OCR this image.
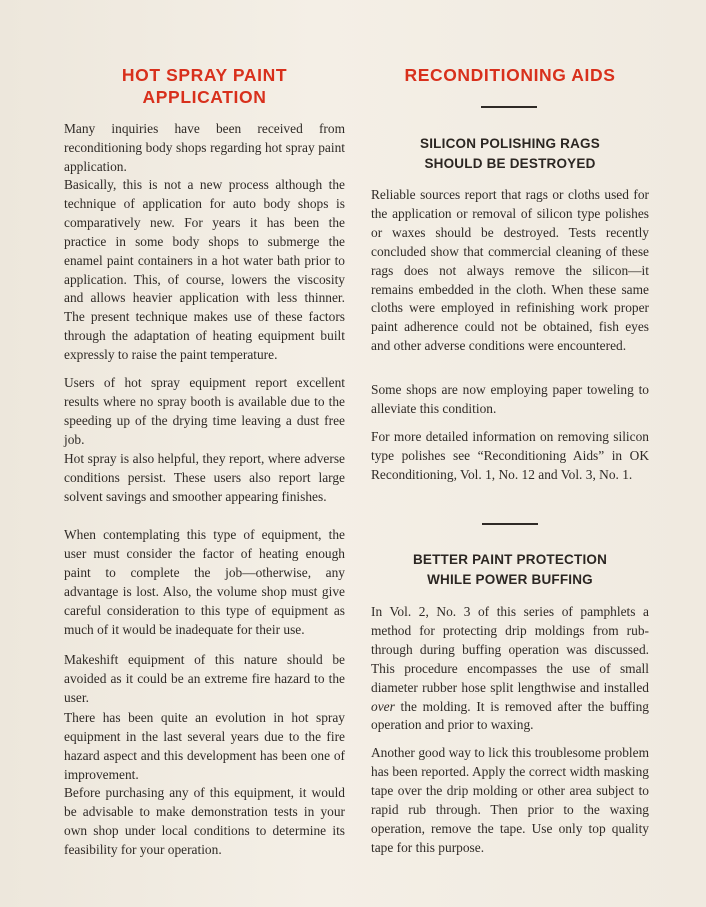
HOT SPRAY PAINT
APPLICATION

Many inquiries have been received from reconditioning body shops regarding hot spray paint application.

Basically, this is not a new process although the technique of application for auto body shops is comparatively new. For years it has been the practice in some body shops to submerge the enamel paint containers in a hot water bath prior to application. This, of course, lowers the viscosity and allows heavier application with less thinner. The present technique makes use of these factors through the adaptation of heating equipment built expressly to raise the paint temperature.

Users of hot spray equipment report excellent results where no spray booth is available due to the speeding up of the drying time leaving a dust free job.

Hot spray is also helpful, they report, where adverse conditions persist. These users also report large solvent savings and smoother appearing finishes.

When contemplating this type of equipment, the user must consider the factor of heating enough paint to complete the job—otherwise, any advantage is lost. Also, the volume shop must give careful consideration to this type of equipment as much of it would be inadequate for their use.

Makeshift equipment of this nature should be avoided as it could be an extreme fire hazard to the user.

There has been quite an evolution in hot spray equipment in the last several years due to the fire hazard aspect and this development has been one of improvement.

Before purchasing any of this equipment, it would be advisable to make demonstration tests in your own shop under local conditions to determine its feasibility for your operation.

RECONDITIONING AIDS
SILICON POLISHING RAGS
SHOULD BE DESTROYED

Reliable sources report that rags or cloths used for the application or removal of silicon type polishes or waxes should be destroyed. Tests recently concluded show that commercial cleaning of these rags does not always remove the silicon—it remains embedded in the cloth. When these same cloths were employed in refinishing work proper paint adherence could not be obtained, fish eyes and other adverse conditions were encountered.

Some shops are now employing paper toweling to alleviate this condition.

For more detailed information on removing silicon type polishes see “Reconditioning Aids” in OK Reconditioning, Vol. 1, No. 12 and Vol. 3, No. 1.

BETTER PAINT PROTECTION
WHILE POWER BUFFING

In Vol. 2, No. 3 of this series of pamphlets a method for protecting drip moldings from rub-through during buffing operation was discussed. This procedure encompasses the use of small diameter rubber hose split lengthwise and installed over the molding. It is removed after the buffing operation and prior to waxing.

Another good way to lick this troublesome problem has been reported. Apply the correct width masking tape over the drip molding or other area subject to rapid rub through. Then prior to the waxing operation, remove the tape. Use only top quality tape for this purpose.
